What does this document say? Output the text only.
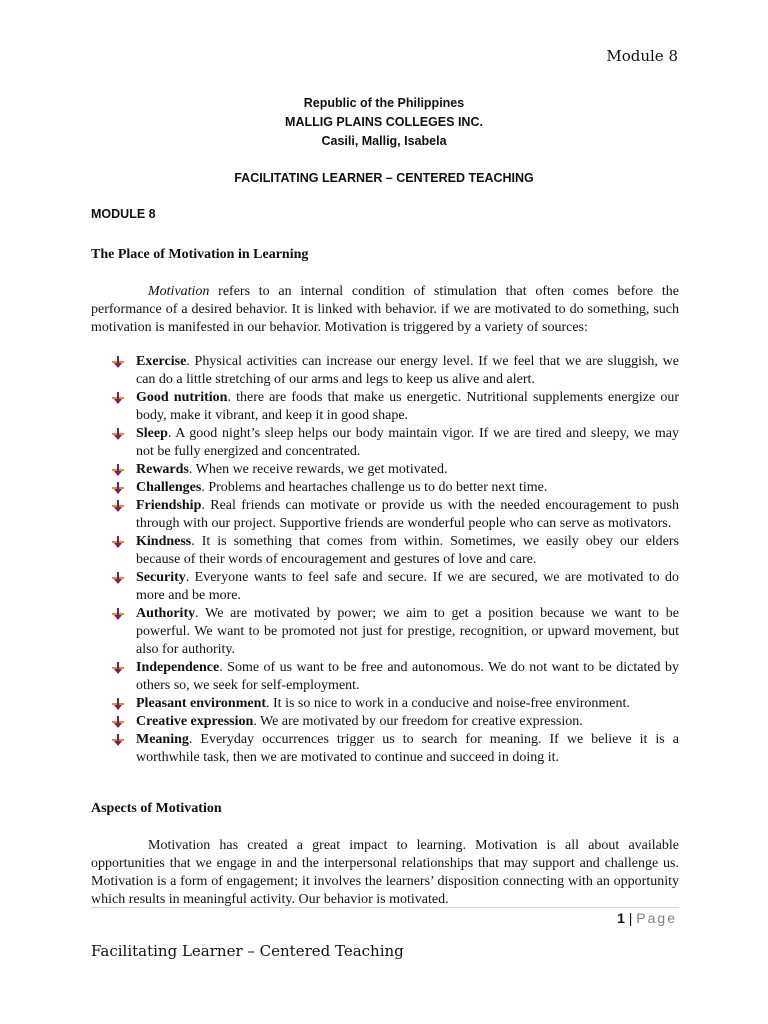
Module 8
Republic of the Philippines
MALLIG PLAINS COLLEGES INC.
Casili, Mallig, Isabela
FACILITATING LEARNER – CENTERED TEACHING
MODULE 8
The Place of Motivation in Learning
Motivation refers to an internal condition of stimulation that often comes before the performance of a desired behavior. It is linked with behavior. if we are motivated to do something, such motivation is manifested in our behavior. Motivation is triggered by a variety of sources:
Exercise. Physical activities can increase our energy level. If we feel that we are sluggish, we can do a little stretching of our arms and legs to keep us alive and alert.
Good nutrition. there are foods that make us energetic. Nutritional supplements energize our body, make it vibrant, and keep it in good shape.
Sleep. A good night’s sleep helps our body maintain vigor. If we are tired and sleepy, we may not be fully energized and concentrated.
Rewards. When we receive rewards, we get motivated.
Challenges. Problems and heartaches challenge us to do better next time.
Friendship. Real friends can motivate or provide us with the needed encouragement to push through with our project. Supportive friends are wonderful people who can serve as motivators.
Kindness. It is something that comes from within. Sometimes, we easily obey our elders because of their words of encouragement and gestures of love and care.
Security. Everyone wants to feel safe and secure. If we are secured, we are motivated to do more and be more.
Authority. We are motivated by power; we aim to get a position because we want to be powerful. We want to be promoted not just for prestige, recognition, or upward movement, but also for authority.
Independence. Some of us want to be free and autonomous. We do not want to be dictated by others so, we seek for self-employment.
Pleasant environment. It is so nice to work in a conducive and noise-free environment.
Creative expression. We are motivated by our freedom for creative expression.
Meaning. Everyday occurrences trigger us to search for meaning. If we believe it is a worthwhile task, then we are motivated to continue and succeed in doing it.
Aspects of Motivation
Motivation has created a great impact to learning. Motivation is all about available opportunities that we engage in and the interpersonal relationships that may support and challenge us. Motivation is a form of engagement; it involves the learners’ disposition connecting with an opportunity which results in meaningful activity. Our behavior is motivated.
1 | Page
Facilitating Learner – Centered Teaching
